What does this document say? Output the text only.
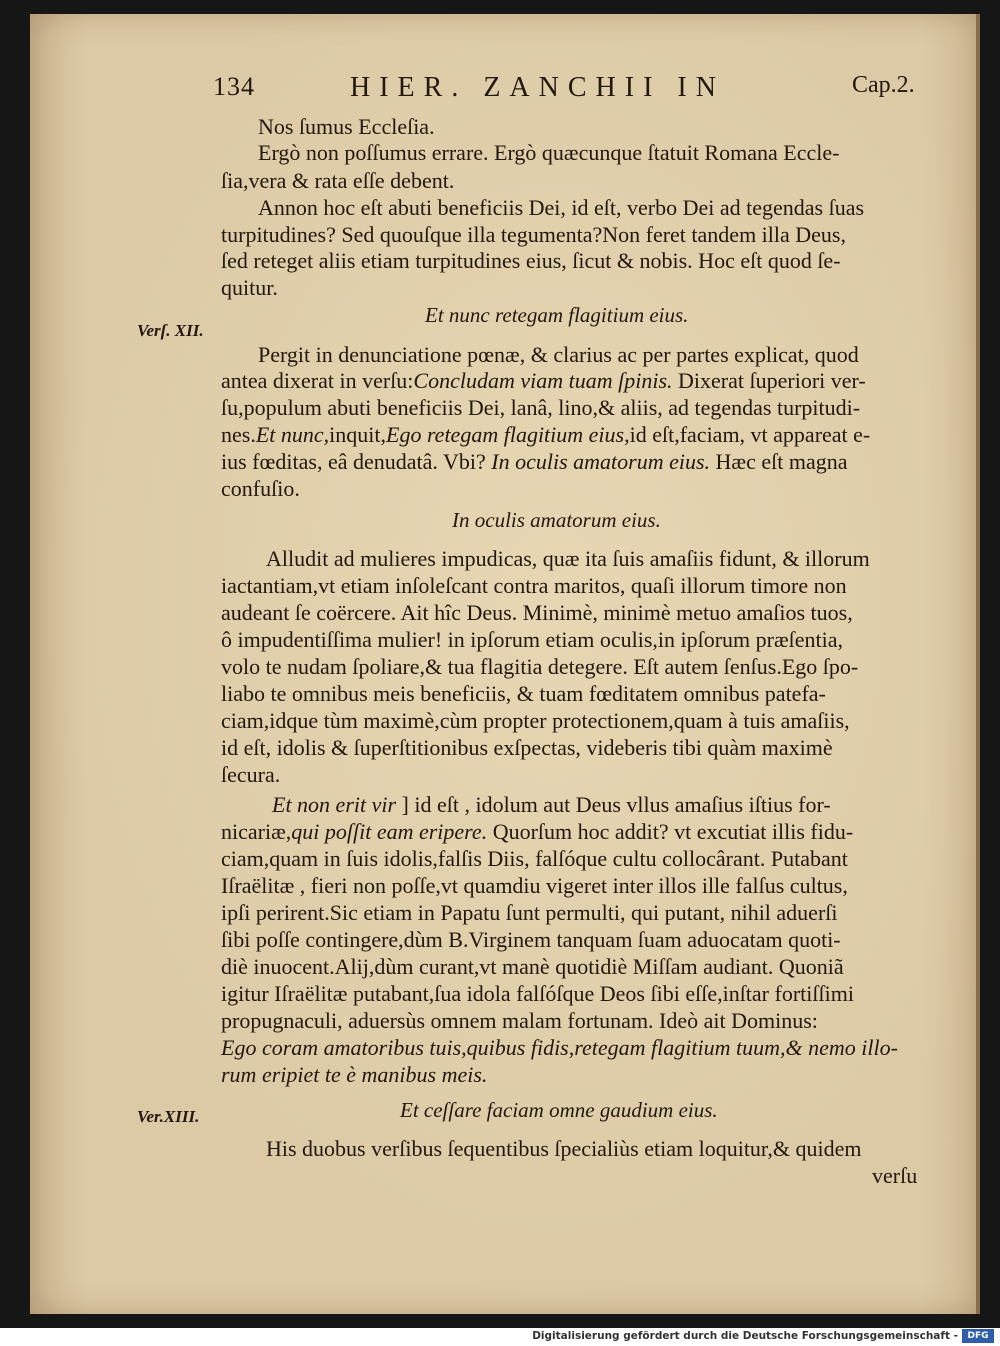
134	HIER. ZANCHII IN	Cap.2.
Nos ſumus Eccleſia.
Ergò non poſſumus errare. Ergò quæcunque ſtatuit Romana Eccle-
ſia,vera & rata eſſe debent.
Annon hoc eſt abuti beneficiis Dei, id eſt, verbo Dei ad tegendas ſuas
turpitudines? Sed quouſque illa tegumenta?Non feret tandem illa Deus,
ſed reteget aliis etiam turpitudines eius, ſicut & nobis. Hoc eſt quod ſe-
quitur.
Verſ. XII.
Et nunc retegam flagitium eius.
Pergit in denunciatione pœnæ, & clarius ac per partes explicat, quod
antea dixerat in verſu:Concludam viam tuam ſpinis. Dixerat ſuperiori ver-
ſu,populum abuti beneficiis Dei, lanâ, lino,& aliis, ad tegendas turpitudi-
nes.Et nunc,inquit,Ego retegam flagitium eius,id eſt,faciam, vt appareat e-
ius fœditas, eâ denudatâ. Vbi? In oculis amatorum eius. Hæc eſt magna
confuſio.
In oculis amatorum eius.
Alludit ad mulieres impudicas, quæ ita ſuis amaſiis fidunt, & illorum
iactantiam,vt etiam inſoleſcant contra maritos, quaſi illorum timore non
audeant ſe coërcere. Ait hîc Deus. Minimè, minimè metuo amaſios tuos,
ô impudentiſſima mulier! in ipſorum etiam oculis,in ipſorum præſentia,
volo te nudam ſpoliare,& tua flagitia detegere. Eſt autem ſenſus.Ego ſpo-
liabo te omnibus meis beneficiis, & tuam fœditatem omnibus patefa-
ciam,idque tùm maximè,cùm propter protectionem,quam à tuis amaſiis,
id eſt, idolis & ſuperſtitionibus exſpectas, videberis tibi quàm maximè
ſecura.
Et non erit vir ] id eſt , idolum aut Deus vllus amaſius iſtius for-
nicariæ,qui poſſit eam eripere. Quorſum hoc addit? vt excutiat illis fidu-
ciam,quam in ſuis idolis,falſis Diis, falſóque cultu collocârant. Putabant
Iſraëlitæ , fieri non poſſe,vt quamdiu vigeret inter illos ille falſus cultus,
ipſi perirent.Sic etiam in Papatu ſunt permulti, qui putant, nihil aduerſi
ſibi poſſe contingere,dùm B.Virginem tanquam ſuam aduocatam quoti-
diè inuocent.Alij,dùm curant,vt manè quotidiè Miſſam audiant. Quoniã
igitur Iſraëlitæ putabant,ſua idola falſóſque Deos ſibi eſſe,inſtar fortiſſimi
propugnaculi, aduersùs omnem malam fortunam. Ideò ait Dominus:
Ego coram amatoribus tuis,quibus fidis,retegam flagitium tuum,& nemo illo-
rum eripiet te è manibus meis.
Ver.XIII.	Et ceſſare faciam omne gaudium eius.
His duobus verſibus ſequentibus ſpecialiùs etiam loquitur,& quidem
verſu
Digitalisierung gefördert durch die Deutsche Forschungsgemeinschaft -	DFG
